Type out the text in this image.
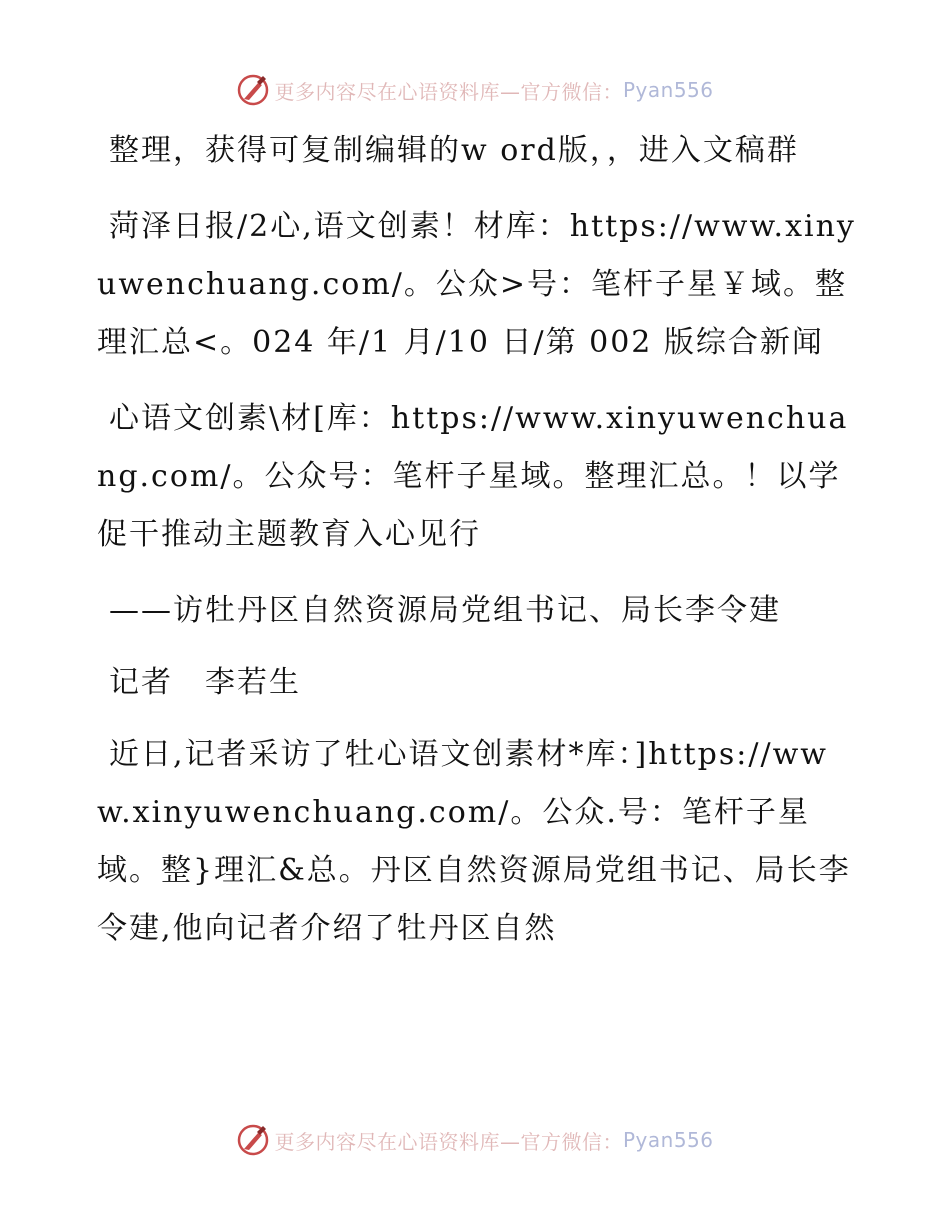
更多内容尽在心语资料库—官方微信： Pyan556

整理，获得可复制编辑的w ord版，，进入文稿群

菏泽日报/2心,语文创素！材库：https://www.xinyuwenchuang.com/。公众>号：笔杆子星￥域。整理汇总<。024 年/1 月/10 日/第 002 版综合新闻

心语文创素\材[库：https://www.xinyuwenchuang.com/。公众号：笔杆子星域。整理汇总。！以学促干推动主题教育入心见行

——访牡丹区自然资源局党组书记、局长李令建

记者　李若生

近日,记者采访了牡心语文创素材*库：]https://www.xinyuwenchuang.com/。公众.号：笔杆子星域。整}理汇&总。丹区自然资源局党组书记、局长李令建,他向记者介绍了牡丹区自然

更多内容尽在心语资料库—官方微信： Pyan556
